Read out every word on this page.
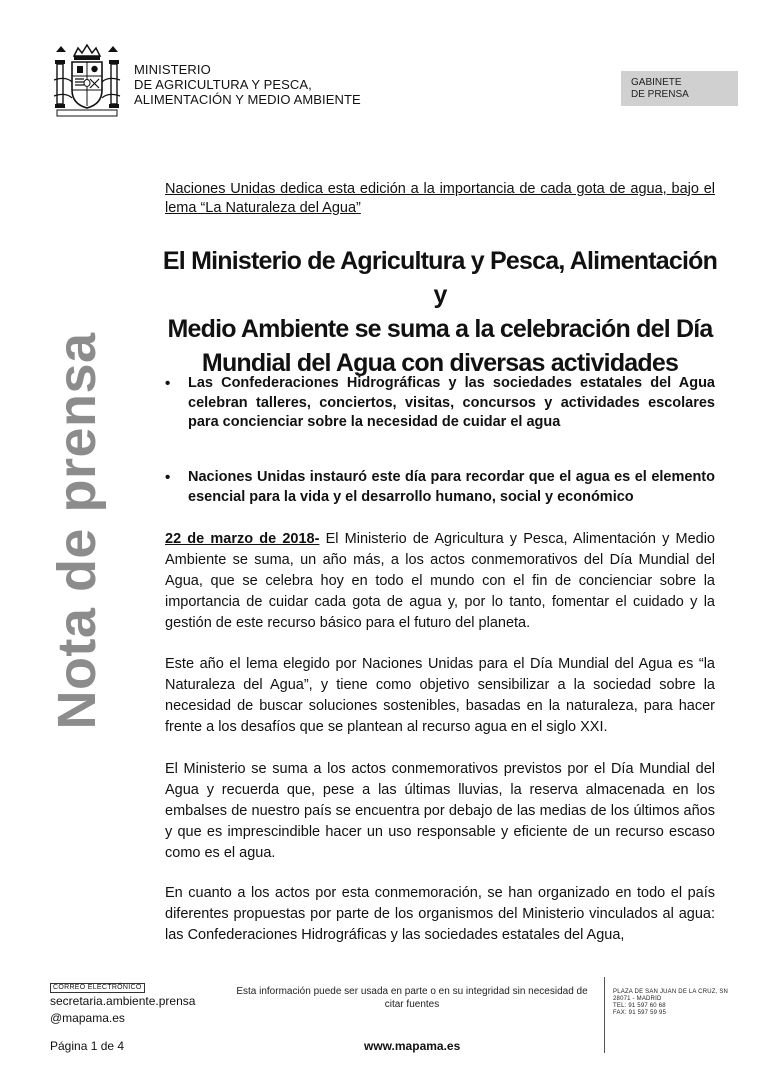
MINISTERIO
DE AGRICULTURA Y PESCA,
ALIMENTACIÓN Y MEDIO AMBIENTE
GABINETE
DE PRENSA
Nota de prensa
Naciones Unidas dedica esta edición a la importancia de cada gota de agua, bajo el lema “La Naturaleza del Agua”
El Ministerio de Agricultura y Pesca, Alimentación y
Medio Ambiente se suma a la celebración del Día
Mundial del Agua con diversas actividades
• Las Confederaciones Hidrográficas y las sociedades estatales del Agua celebran talleres, conciertos, visitas, concursos y actividades escolares para concienciar sobre la necesidad de cuidar el agua
• Naciones Unidas instauró este día para recordar que el agua es el elemento esencial para la vida y el desarrollo humano, social y económico
22 de marzo de 2018- El Ministerio de Agricultura y Pesca, Alimentación y Medio Ambiente se suma, un año más, a los actos conmemorativos del Día Mundial del Agua, que se celebra hoy en todo el mundo con el fin de concienciar sobre la importancia de cuidar cada gota de agua y, por lo tanto, fomentar el cuidado y la gestión de este recurso básico para el futuro del planeta.
Este año el lema elegido por Naciones Unidas para el Día Mundial del Agua es “la Naturaleza del Agua”, y tiene como objetivo sensibilizar a la sociedad sobre la necesidad de buscar soluciones sostenibles, basadas en la naturaleza, para hacer frente a los desafíos que se plantean al recurso agua en el siglo XXI.
El Ministerio se suma a los actos conmemorativos previstos por el Día Mundial del Agua y recuerda que, pese a las últimas lluvias, la reserva almacenada en los embalses de nuestro país se encuentra por debajo de las medias de los últimos años y que es imprescindible hacer un uso responsable y eficiente de un recurso escaso como es el agua.
En cuanto a los actos por esta conmemoración, se han organizado en todo el país diferentes propuestas por parte de los organismos del Ministerio vinculados al agua: las Confederaciones Hidrográficas y las sociedades estatales del Agua,
CORREO ELECTRÓNICO
secretaria.ambiente.prensa
@mapama.es
Esta información puede ser usada en parte o en su integridad sin necesidad de citar fuentes
PLAZA DE SAN JUAN DE LA CRUZ, SN
28071 - MADRID
TEL: 91 597 60 68
FAX: 91 597 59 95
Página 1 de 4	www.mapama.es
